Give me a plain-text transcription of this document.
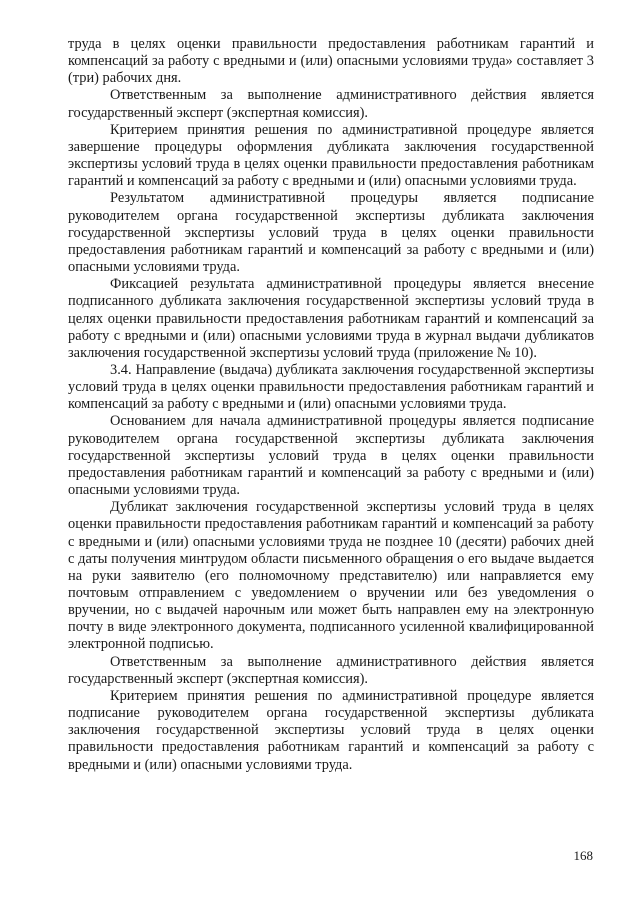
труда в целях оценки правильности предоставления работникам гарантий и компенсаций за работу с вредными и (или) опасными условиями труда» составляет 3 (три) рабочих дня.

Ответственным за выполнение административного действия является государственный эксперт (экспертная комиссия).

Критерием принятия решения по административной процедуре является завершение процедуры оформления дубликата заключения государственной экспертизы условий труда в целях оценки правильности предоставления работникам гарантий и компенсаций за работу с вредными и (или) опасными условиями труда.

Результатом административной процедуры является подписание руководителем органа государственной экспертизы дубликата заключения государственной экспертизы условий труда в целях оценки правильности предоставления работникам гарантий и компенсаций за работу с вредными и (или) опасными условиями труда.

Фиксацией результата административной процедуры является внесение подписанного дубликата заключения государственной экспертизы условий труда в целях оценки правильности предоставления работникам гарантий и компенсаций за работу с вредными и (или) опасными условиями труда в журнал выдачи дубликатов заключения государственной экспертизы условий труда (приложение № 10).

3.4. Направление (выдача) дубликата заключения государственной экспертизы условий труда в целях оценки правильности предоставления работникам гарантий и компенсаций за работу с вредными и (или) опасными условиями труда.

Основанием для начала административной процедуры является подписание руководителем органа государственной экспертизы дубликата заключения государственной экспертизы условий труда в целях оценки правильности предоставления работникам гарантий и компенсаций за работу с вредными и (или) опасными условиями труда.

Дубликат заключения государственной экспертизы условий труда в целях оценки правильности предоставления работникам гарантий и компенсаций за работу с вредными и (или) опасными условиями труда не позднее 10 (десяти) рабочих дней с даты получения минтрудом области письменного обращения о его выдаче выдается на руки заявителю (его полномочному представителю) или направляется ему почтовым отправлением с уведомлением о вручении или без уведомления о вручении, но с выдачей нарочным или может быть направлен ему на электронную почту в виде электронного документа, подписанного усиленной квалифицированной электронной подписью.

Ответственным за выполнение административного действия является государственный эксперт (экспертная комиссия).

Критерием принятия решения по административной процедуре является подписание руководителем органа государственной экспертизы дубликата заключения государственной экспертизы условий труда в целях оценки правильности предоставления работникам гарантий и компенсаций за работу с вредными и (или) опасными условиями труда.

168
